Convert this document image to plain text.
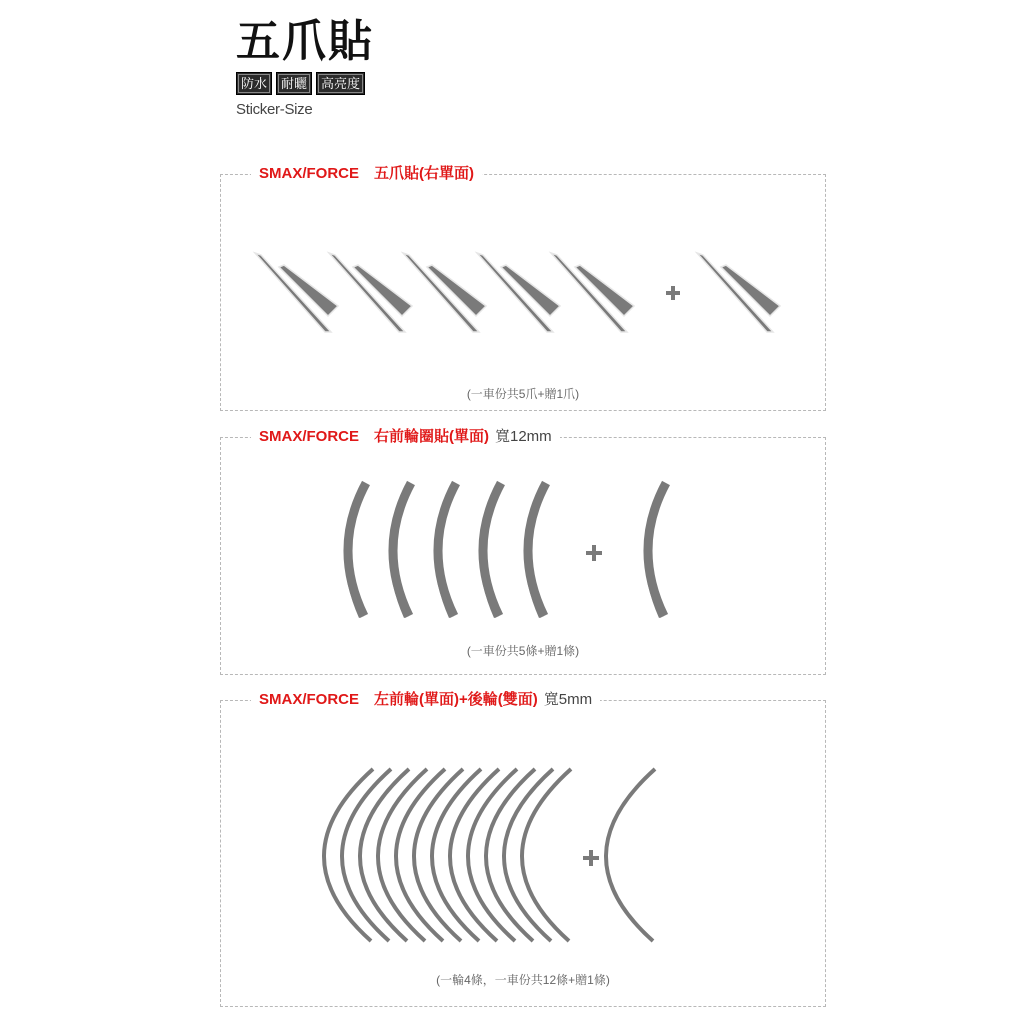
五爪貼
防水	耐曬	高亮度
Sticker-Size
SMAX/FORCE　五爪貼(右單面)
(一車份共5爪+贈1爪)
SMAX/FORCE　右前輪圈貼(單面) 寬12mm
(一車份共5條+贈1條)
SMAX/FORCE　左前輪(單面)+後輪(雙面) 寬5mm
(一輪4條，一車份共12條+贈1條)
